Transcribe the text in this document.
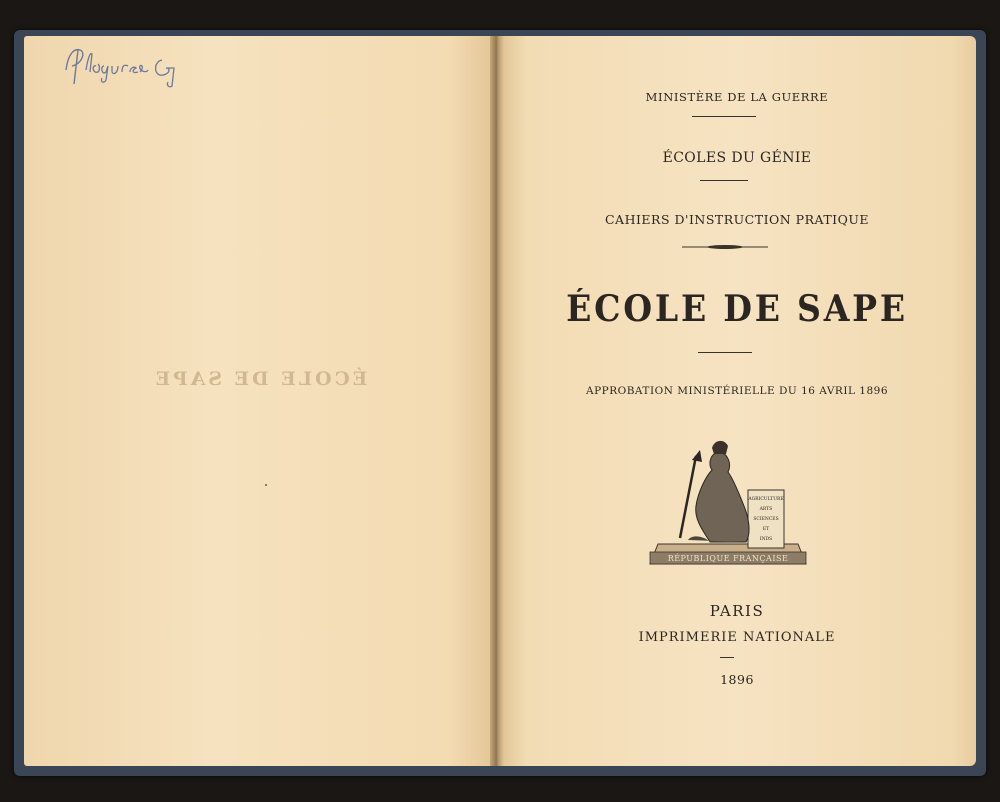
ÉCOLE DE SAPE
MINISTÈRE DE LA GUERRE
ÉCOLES DU GÉNIE
CAHIERS D'INSTRUCTION PRATIQUE
ÉCOLE DE SAPE
APPROBATION MINISTÉRIELLE DU 16 AVRIL 1896
RÉPUBLIQUE FRANÇAISE
AGRICULTURE
ARTS
SCIENCES
ET
INDS
PARIS
IMPRIMERIE NATIONALE
1896
